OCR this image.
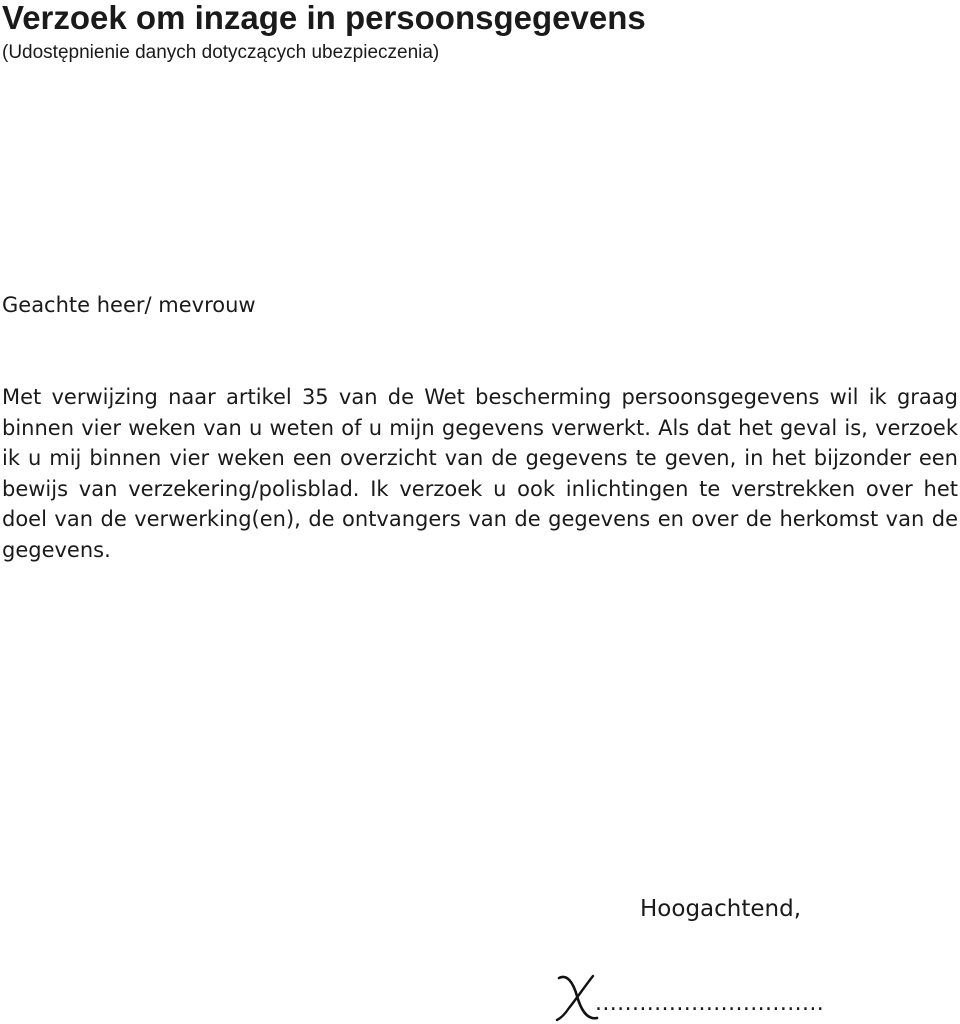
Verzoek om inzage in persoonsgegevens

(Udostępnienie danych dotyczących ubezpieczenia)

Geachte heer/ mevrouw

Met verwijzing naar artikel 35 van de Wet bescherming persoonsgegevens wil ik graag binnen vier weken van u weten of u mijn gegevens verwerkt. Als dat het geval is, verzoek ik u mij binnen vier weken een overzicht van de gegevens te geven, in het bijzonder een bewijs van verzekering/polisblad. Ik verzoek u ook inlichtingen te verstrekken over het doel van de verwerking(en), de ontvangers van de gegevens en over de herkomst van de gegevens.

Hoogachtend,

...............................
